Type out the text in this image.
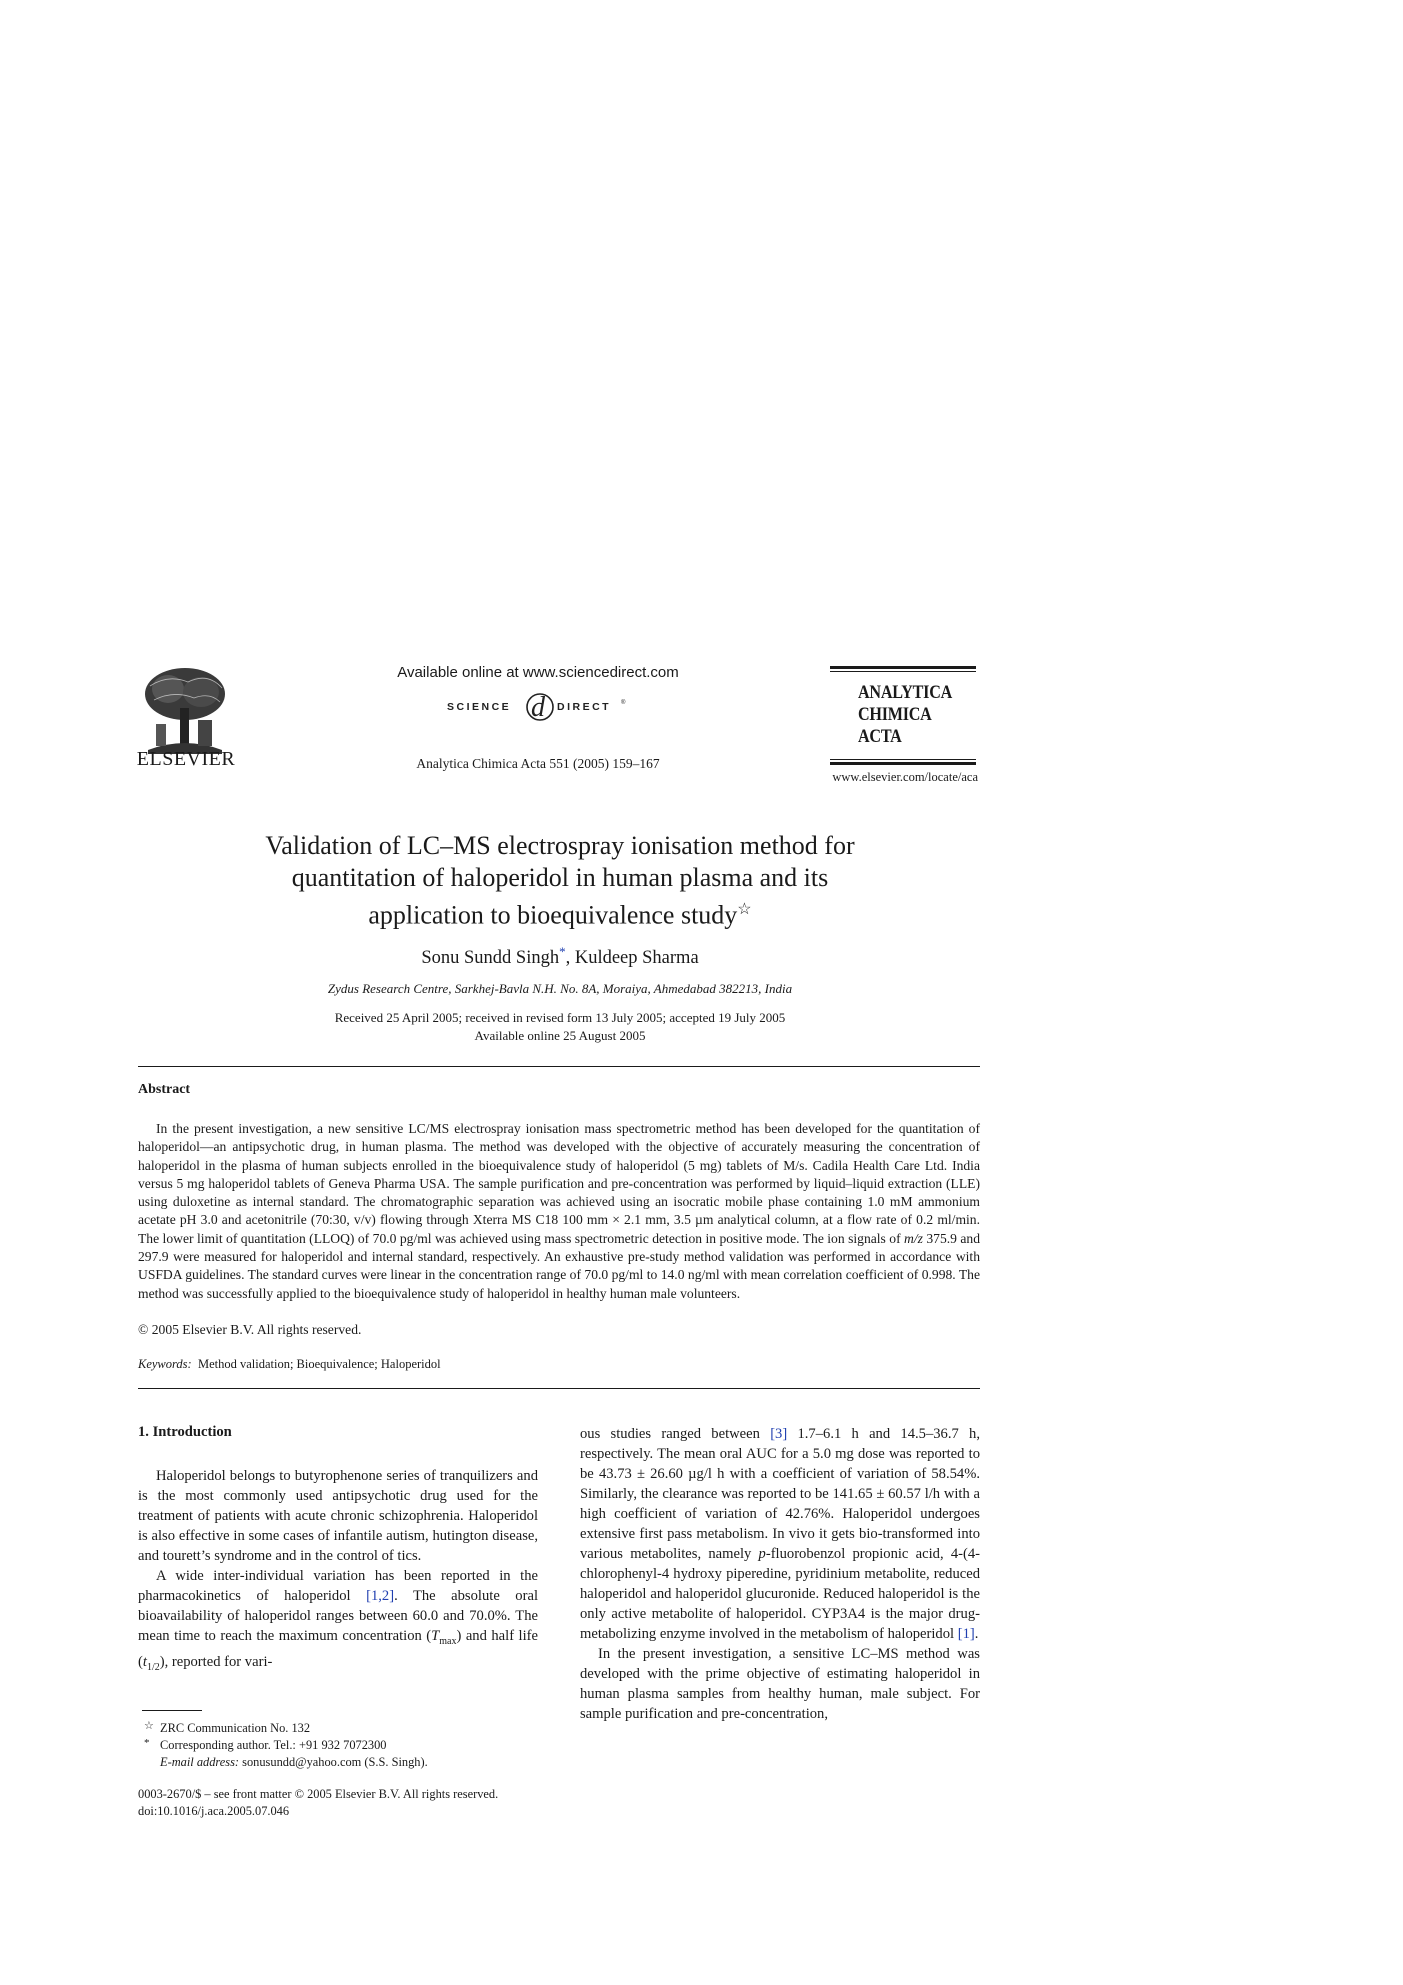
ELSEVIER
Available online at www.sciencedirect.com
SCIENCE d DIRECT ®
Analytica Chimica Acta 551 (2005) 159–167
ANALYTICA
CHIMICA
ACTA
www.elsevier.com/locate/aca
Validation of LC–MS electrospray ionisation method for
quantitation of haloperidol in human plasma and its
application to bioequivalence study☆
Sonu Sundd Singh*, Kuldeep Sharma
Zydus Research Centre, Sarkhej-Bavla N.H. No. 8A, Moraiya, Ahmedabad 382213, India
Received 25 April 2005; received in revised form 13 July 2005; accepted 19 July 2005
Available online 25 August 2005
Abstract

In the present investigation, a new sensitive LC/MS electrospray ionisation mass spectrometric method has been developed for the quantitation of haloperidol—an antipsychotic drug, in human plasma. The method was developed with the objective of accurately measuring the concentration of haloperidol in the plasma of human subjects enrolled in the bioequivalence study of haloperidol (5 mg) tablets of M/s. Cadila Health Care Ltd. India versus 5 mg haloperidol tablets of Geneva Pharma USA. The sample purification and pre-concentration was performed by liquid–liquid extraction (LLE) using duloxetine as internal standard. The chromatographic separation was achieved using an isocratic mobile phase containing 1.0 mM ammonium acetate pH 3.0 and acetonitrile (70:30, v/v) flowing through Xterra MS C18 100 mm × 2.1 mm, 3.5 µm analytical column, at a flow rate of 0.2 ml/min. The lower limit of quantitation (LLOQ) of 70.0 pg/ml was achieved using mass spectrometric detection in positive mode. The ion signals of m/z 375.9 and 297.9 were measured for haloperidol and internal standard, respectively. An exhaustive pre-study method validation was performed in accordance with USFDA guidelines. The standard curves were linear in the concentration range of 70.0 pg/ml to 14.0 ng/ml with mean correlation coefficient of 0.998. The method was successfully applied to the bioequivalence study of haloperidol in healthy human male volunteers.

© 2005 Elsevier B.V. All rights reserved.
Keywords: Method validation; Bioequivalence; Haloperidol
1. Introduction

Haloperidol belongs to butyrophenone series of tranquilizers and is the most commonly used antipsychotic drug used for the treatment of patients with acute chronic schizophrenia. Haloperidol is also effective in some cases of infantile autism, hutington disease, and tourett’s syndrome and in the control of tics.

A wide inter-individual variation has been reported in the pharmacokinetics of haloperidol [1,2]. The absolute oral bioavailability of haloperidol ranges between 60.0 and 70.0%. The mean time to reach the maximum concentration $(T_{max})$ and half life $(t_{1/2})$, reported for vari-

ous studies ranged between [3] 1.7–6.1 h and 14.5–36.7 h, respectively. The mean oral AUC for a 5.0 mg dose was reported to be 43.73 ± 26.60 µg/l h with a coefficient of variation of 58.54%. Similarly, the clearance was reported to be 141.65 ± 60.57 l/h with a high coefficient of variation of 42.76%. Haloperidol undergoes extensive first pass metabolism. In vivo it gets bio-transformed into various metabolites, namely p-fluorobenzol propionic acid, 4-(4-chlorophenyl-4 hydroxy piperedine, pyridinium metabolite, reduced haloperidol and haloperidol glucuronide. Reduced haloperidol is the only active metabolite of haloperidol. CYP3A4 is the major drug-metabolizing enzyme involved in the metabolism of haloperidol [1].

In the present investigation, a sensitive LC–MS method was developed with the prime objective of estimating haloperidol in human plasma samples from healthy human, male subject. For sample purification and pre-concentration,

☆ ZRC Communication No. 132
* Corresponding author. Tel.: +91 932 7072300
E-mail address: sonusundd@yahoo.com (S.S. Singh).
0003-2670/$ – see front matter © 2005 Elsevier B.V. All rights reserved.
doi:10.1016/j.aca.2005.07.046
